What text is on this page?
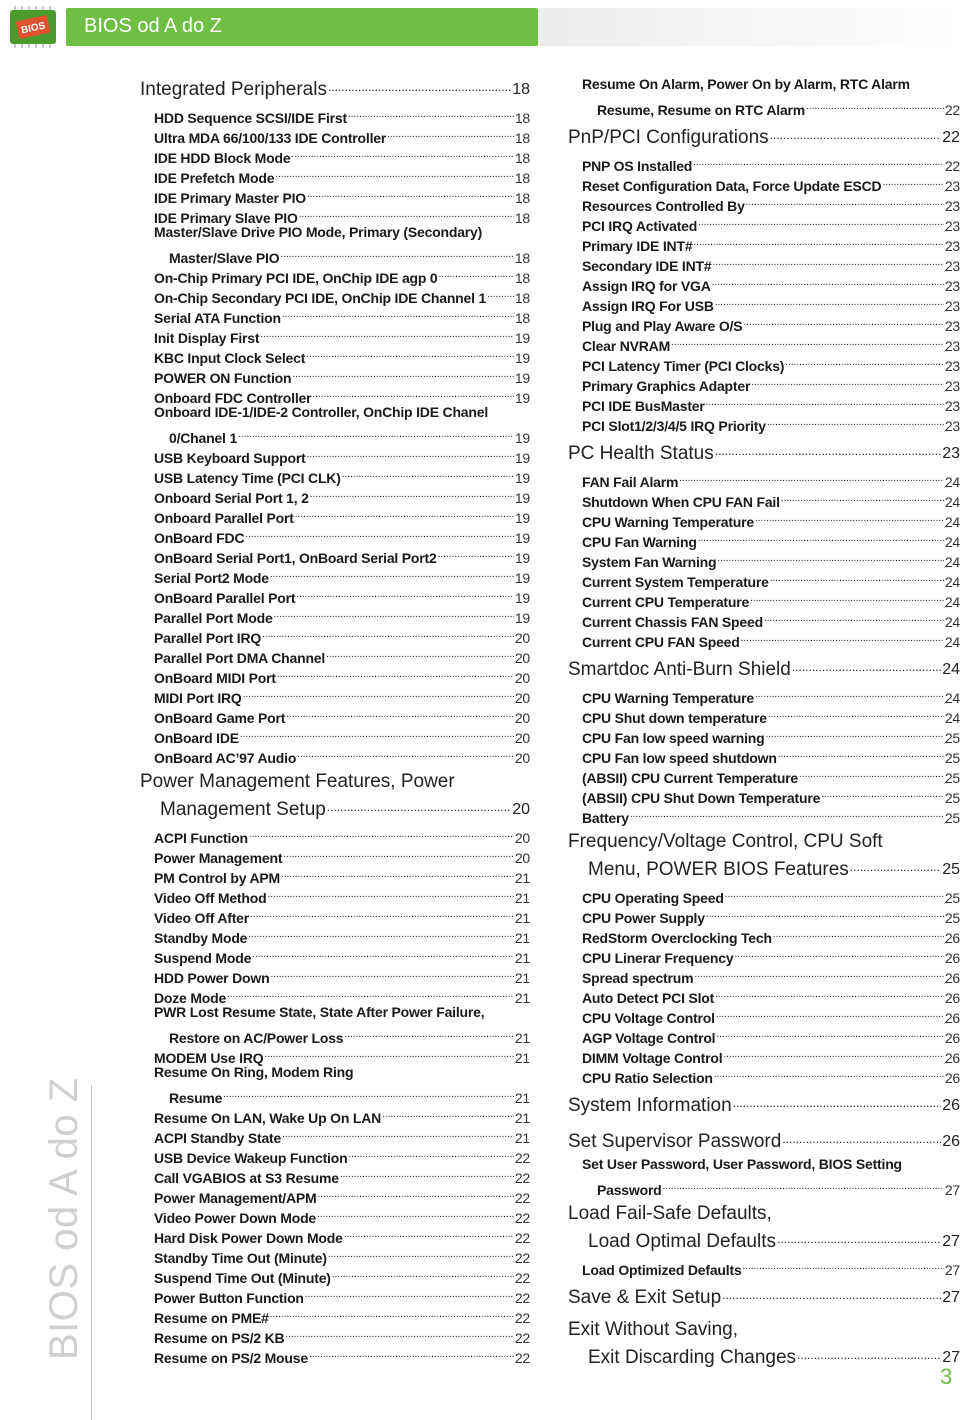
BIOS BIOS od A do Z
BIOS od A do Z
Integrated Peripherals .....	18
HDD Sequence SCSI/IDE First .....	18
Ultra MDA 66/100/133 IDE Controller .....	18
IDE HDD Block Mode .....	18
IDE Prefetch Mode .....	18
IDE Primary Master PIO .....	18
IDE Primary Slave PIO .....	18
Master/Slave Drive PIO Mode, Primary (Secondary)
Master/Slave PIO .....	18
On-Chip Primary PCI IDE, OnChip IDE agp 0 .....	18
On-Chip Secondary PCI IDE, OnChip IDE Channel 1 ..... 18
Serial ATA Function .....	18
Init Display First .....	19
KBC Input Clock Select .....	19
POWER ON Function .....	19
Onboard FDC Controller .....	19
Onboard IDE-1/IDE-2 Controller, OnChip IDE Chanel
0/Chanel 1 .....	19
USB Keyboard Support .....	19
USB Latency Time (PCI CLK) .....	19
Onboard Serial Port 1, 2 .....	19
Onboard Parallel Port .....	19
OnBoard FDC .....	19
OnBoard Serial Port1, OnBoard Serial Port2 .....	19
Serial Port2 Mode .....	19
OnBoard Parallel Port .....	19
Parallel Port Mode .....	19
Parallel Port IRQ .....	20
Parallel Port DMA Channel .....	20
OnBoard MIDI Port .....	20
MIDI Port IRQ .....	20
OnBoard Game Port .....	20
OnBoard IDE .....	20
OnBoard AC’97 Audio .....	20
Power Management Features, Power
Management Setup .....	20
ACPI Function .....	20
Power Management .....	20
PM Control by APM .....	21
Video Off Method .....	21
Video Off After .....	21
Standby Mode .....	21
Suspend Mode .....	21
HDD Power Down .....	21
Doze Mode .....	21
PWR Lost Resume State, State After Power Failure,
Restore on AC/Power Loss .....	21
MODEM Use IRQ .....	21
Resume On Ring, Modem Ring
Resume .....	21
Resume On LAN, Wake Up On LAN .....	21
ACPI Standby State .....	21
USB Device Wakeup Function .....	22
Call VGABIOS at S3 Resume .....	22
Power Management/APM .....	22
Video Power Down Mode .....	22
Hard Disk Power Down Mode .....	22
Standby Time Out (Minute) .....	22
Suspend Time Out (Minute) .....	22
Power Button Function .....	22
Resume on PME# .....	22
Resume on PS/2 KB .....	22
Resume on PS/2 Mouse .....	22
Resume On Alarm, Power On by Alarm, RTC Alarm
Resume, Resume on RTC Alarm .....	22
PnP/PCI Configurations .....	22
PNP OS Installed .....	22
Reset Configuration Data, Force Update ESCD .....	23
Resources Controlled By .....	23
PCI IRQ Activated .....	23
Primary IDE INT# .....	23
Secondary IDE INT# .....	23
Assign IRQ for VGA .....	23
Assign IRQ For USB .....	23
Plug and Play Aware O/S .....	23
Clear NVRAM .....	23
PCI Latency Timer (PCI Clocks) .....	23
Primary Graphics Adapter .....	23
PCI IDE BusMaster .....	23
PCI Slot1/2/3/4/5 IRQ Priority .....	23
PC Health Status .....	23
FAN Fail Alarm .....	24
Shutdown When CPU FAN Fail .....	24
CPU Warning Temperature .....	24
CPU Fan Warning .....	24
System Fan Warning .....	24
Current System Temperature .....	24
Current CPU Temperature .....	24
Current Chassis FAN Speed .....	24
Current CPU FAN Speed .....	24
Smartdoc Anti-Burn Shield .....	24
CPU Warning Temperature .....	24
CPU Shut down temperature .....	24
CPU Fan low speed warning .....	25
CPU Fan low speed shutdown .....	25
(ABSII) CPU Current Temperature .....	25
(ABSII) CPU Shut Down Temperature .....	25
Battery .....	25
Frequency/Voltage Control, CPU Soft
Menu, POWER BIOS Features .....	25
CPU Operating Speed .....	25
CPU Power Supply .....	25
RedStorm Overclocking Tech .....	26
CPU Linerar Frequency .....	26
Spread spectrum .....	26
Auto Detect PCI Slot .....	26
CPU Voltage Control .....	26
AGP Voltage Control .....	26
DIMM Voltage Control .....	26
CPU Ratio Selection .....	26
System Information .....	26
Set Supervisor Password .....	26
Set User Password, User Password, BIOS Setting
Password .....	27
Load Fail-Safe Defaults,
Load Optimal Defaults .....	27
Load Optimized Defaults .....	27
Save & Exit Setup .....	27
Exit Without Saving,
Exit Discarding Changes .....	27
3
